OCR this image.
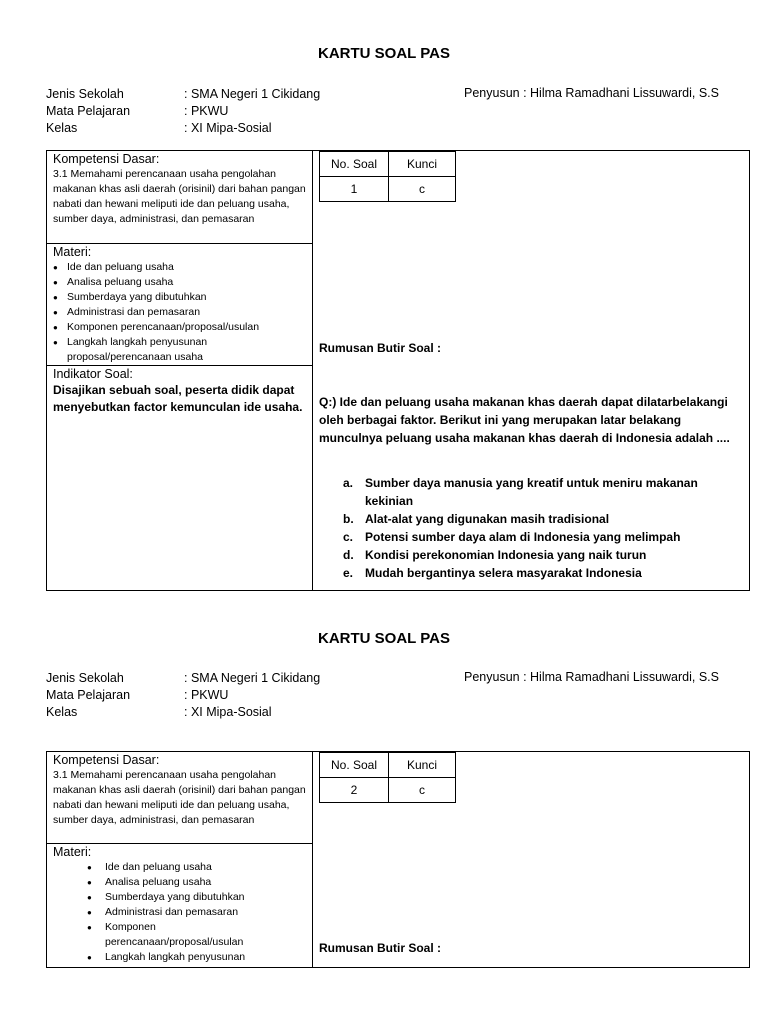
KARTU SOAL PAS
Jenis Sekolah	: SMA Negeri 1 Cikidang
Mata Pelajaran	: PKWU
Kelas	: XI Mipa-Sosial
Penyusun : Hilma Ramadhani Lissuwardi, S.S
Kompetensi Dasar:
3.1 Memahami perencanaan usaha pengolahan makanan khas asli daerah (orisinil) dari bahan pangan nabati dan hewani meliputi ide dan peluang usaha, sumber daya, administrasi, dan pemasaran
Materi:
● Ide dan peluang usaha
● Analisa peluang usaha
● Sumberdaya yang dibutuhkan
● Administrasi dan pemasaran
● Komponen perencanaan/proposal/usulan
● Langkah langkah penyusunan proposal/perencanaan usaha
Indikator Soal:
Disajikan sebuah soal, peserta didik dapat menyebutkan factor kemunculan ide usaha.
No. Soal	Kunci
1	c
Rumusan Butir Soal :
Q:) Ide dan peluang usaha makanan khas daerah dapat dilatarbelakangi oleh berbagai faktor. Berikut ini yang merupakan latar belakang munculnya peluang usaha makanan khas daerah di Indonesia adalah ....
a. Sumber daya manusia yang kreatif untuk meniru makanan kekinian
b. Alat-alat yang digunakan masih tradisional
c. Potensi sumber daya alam di Indonesia yang melimpah
d. Kondisi perekonomian Indonesia yang naik turun
e. Mudah bergantinya selera masyarakat Indonesia
KARTU SOAL PAS
Jenis Sekolah	: SMA Negeri 1 Cikidang
Mata Pelajaran	: PKWU
Kelas	: XI Mipa-Sosial
Penyusun : Hilma Ramadhani Lissuwardi, S.S
Kompetensi Dasar:
3.1 Memahami perencanaan usaha pengolahan makanan khas asli daerah (orisinil) dari bahan pangan nabati dan hewani meliputi ide dan peluang usaha, sumber daya, administrasi, dan pemasaran
Materi:
● Ide dan peluang usaha
● Analisa peluang usaha
● Sumberdaya yang dibutuhkan
● Administrasi dan pemasaran
● Komponen perencanaan/proposal/usulan
● Langkah langkah penyusunan
No. Soal	Kunci
2	c
Rumusan Butir Soal :
